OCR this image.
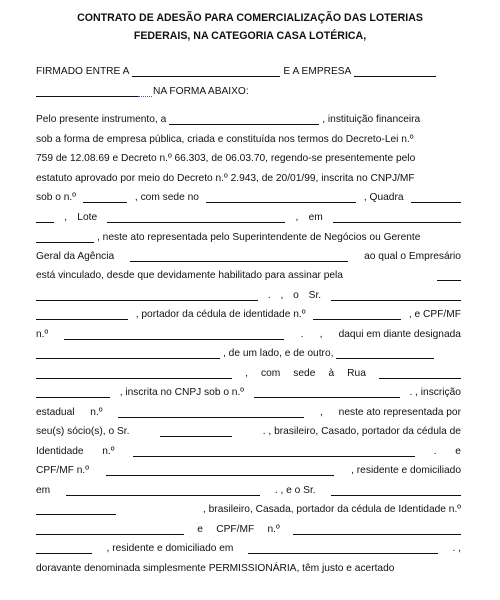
CONTRATO DE ADESÃO PARA COMERCIALIZAÇÃO DAS LOTERIAS
FEDERAIS, NA CATEGORIA CASA LOTÉRICA,
FIRMADO ENTRE A	E A EMPRESA
NA FORMA ABAIXO:
Pelo presente instrumento, a	, instituição financeira
sob a forma de empresa pública, criada e constituída nos termos do Decreto-Lei n.º
759 de 12.08.69 e Decreto n.º 66.303, de 06.03.70, regendo-se presentemente pelo
estatuto aprovado por meio do Decreto n.º 2.943, de 20/01/99, inscrita no CNPJ/MF
sob o n.º	, com sede no	, Quadra
, Lote	, em
, neste ato representada pelo Superintendente de Negócios ou Gerente
Geral da Agência	ao qual o Empresário
está vinculado, desde que devidamente habilitado para assinar pela
. , o Sr.
, portador da cédula de identidade n.º	, e CPF/MF
n.º	. , daqui em diante designada
, de um lado, e de outro,
, com sede à Rua
, inscrita no CNPJ sob o n.º	. , inscrição
estadual n.º	, neste ato representada por
seu(s) sócio(s), o Sr.	. , brasileiro, Casado, portador da cédula de
Identidade n.º	. e
CPF/MF n.º	, residente e domiciliado
em	. , e o Sr.
, brasileiro, Casada, portador da cédula de Identidade n.º
e CPF/MF n.º
, residente e domiciliado em	. ,
doravante denominada simplesmente PERMISSIONÁRIA, têm justo e acertado
